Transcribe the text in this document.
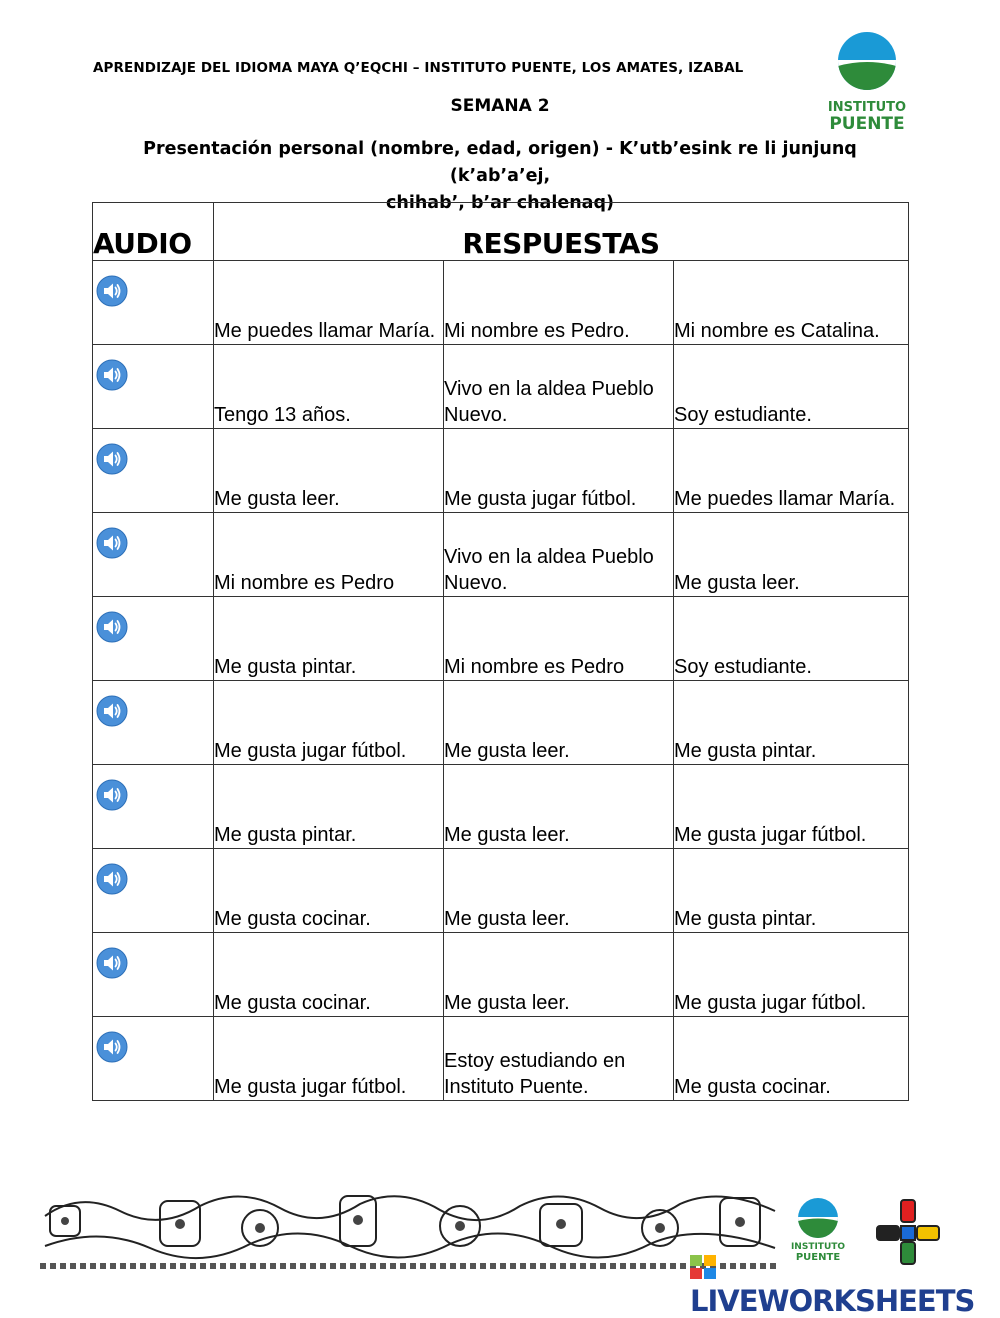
APRENDIZAJE DEL IDIOMA MAYA Q’EQCHI – INSTITUTO PUENTE, LOS AMATES, IZABAL
SEMANA 2
Presentación personal (nombre, edad, origen) - K’utb’esink re li junjunq (k’ab’a’ej,
chihab’, b’ar chalenaq)
INSTITUTO
PUENTE
AUDIO	RESPUESTAS		

	Me puedes llamar María.	Mi nombre es Pedro.	Mi nombre es Catalina.

	Tengo 13 años.	Vivo en la aldea Pueblo Nuevo.	Soy estudiante.

	Me gusta leer.	Me gusta jugar fútbol.	Me puedes llamar María.

	Mi nombre es Pedro	Vivo en la aldea Pueblo Nuevo.	Me gusta leer.

	Me gusta pintar.	Mi nombre es Pedro	Soy estudiante.

	Me gusta jugar fútbol.	Me gusta leer.	Me gusta pintar.

	Me gusta pintar.	Me gusta leer.	Me gusta jugar fútbol.

	Me gusta cocinar.	Me gusta leer.	Me gusta pintar.

	Me gusta cocinar.	Me gusta leer.	Me gusta jugar fútbol.

	Me gusta jugar fútbol.	Estoy estudiando en Instituto Puente.	Me gusta cocinar.
INSTITUTO
PUENTE
LIVEWORKSHEETS
